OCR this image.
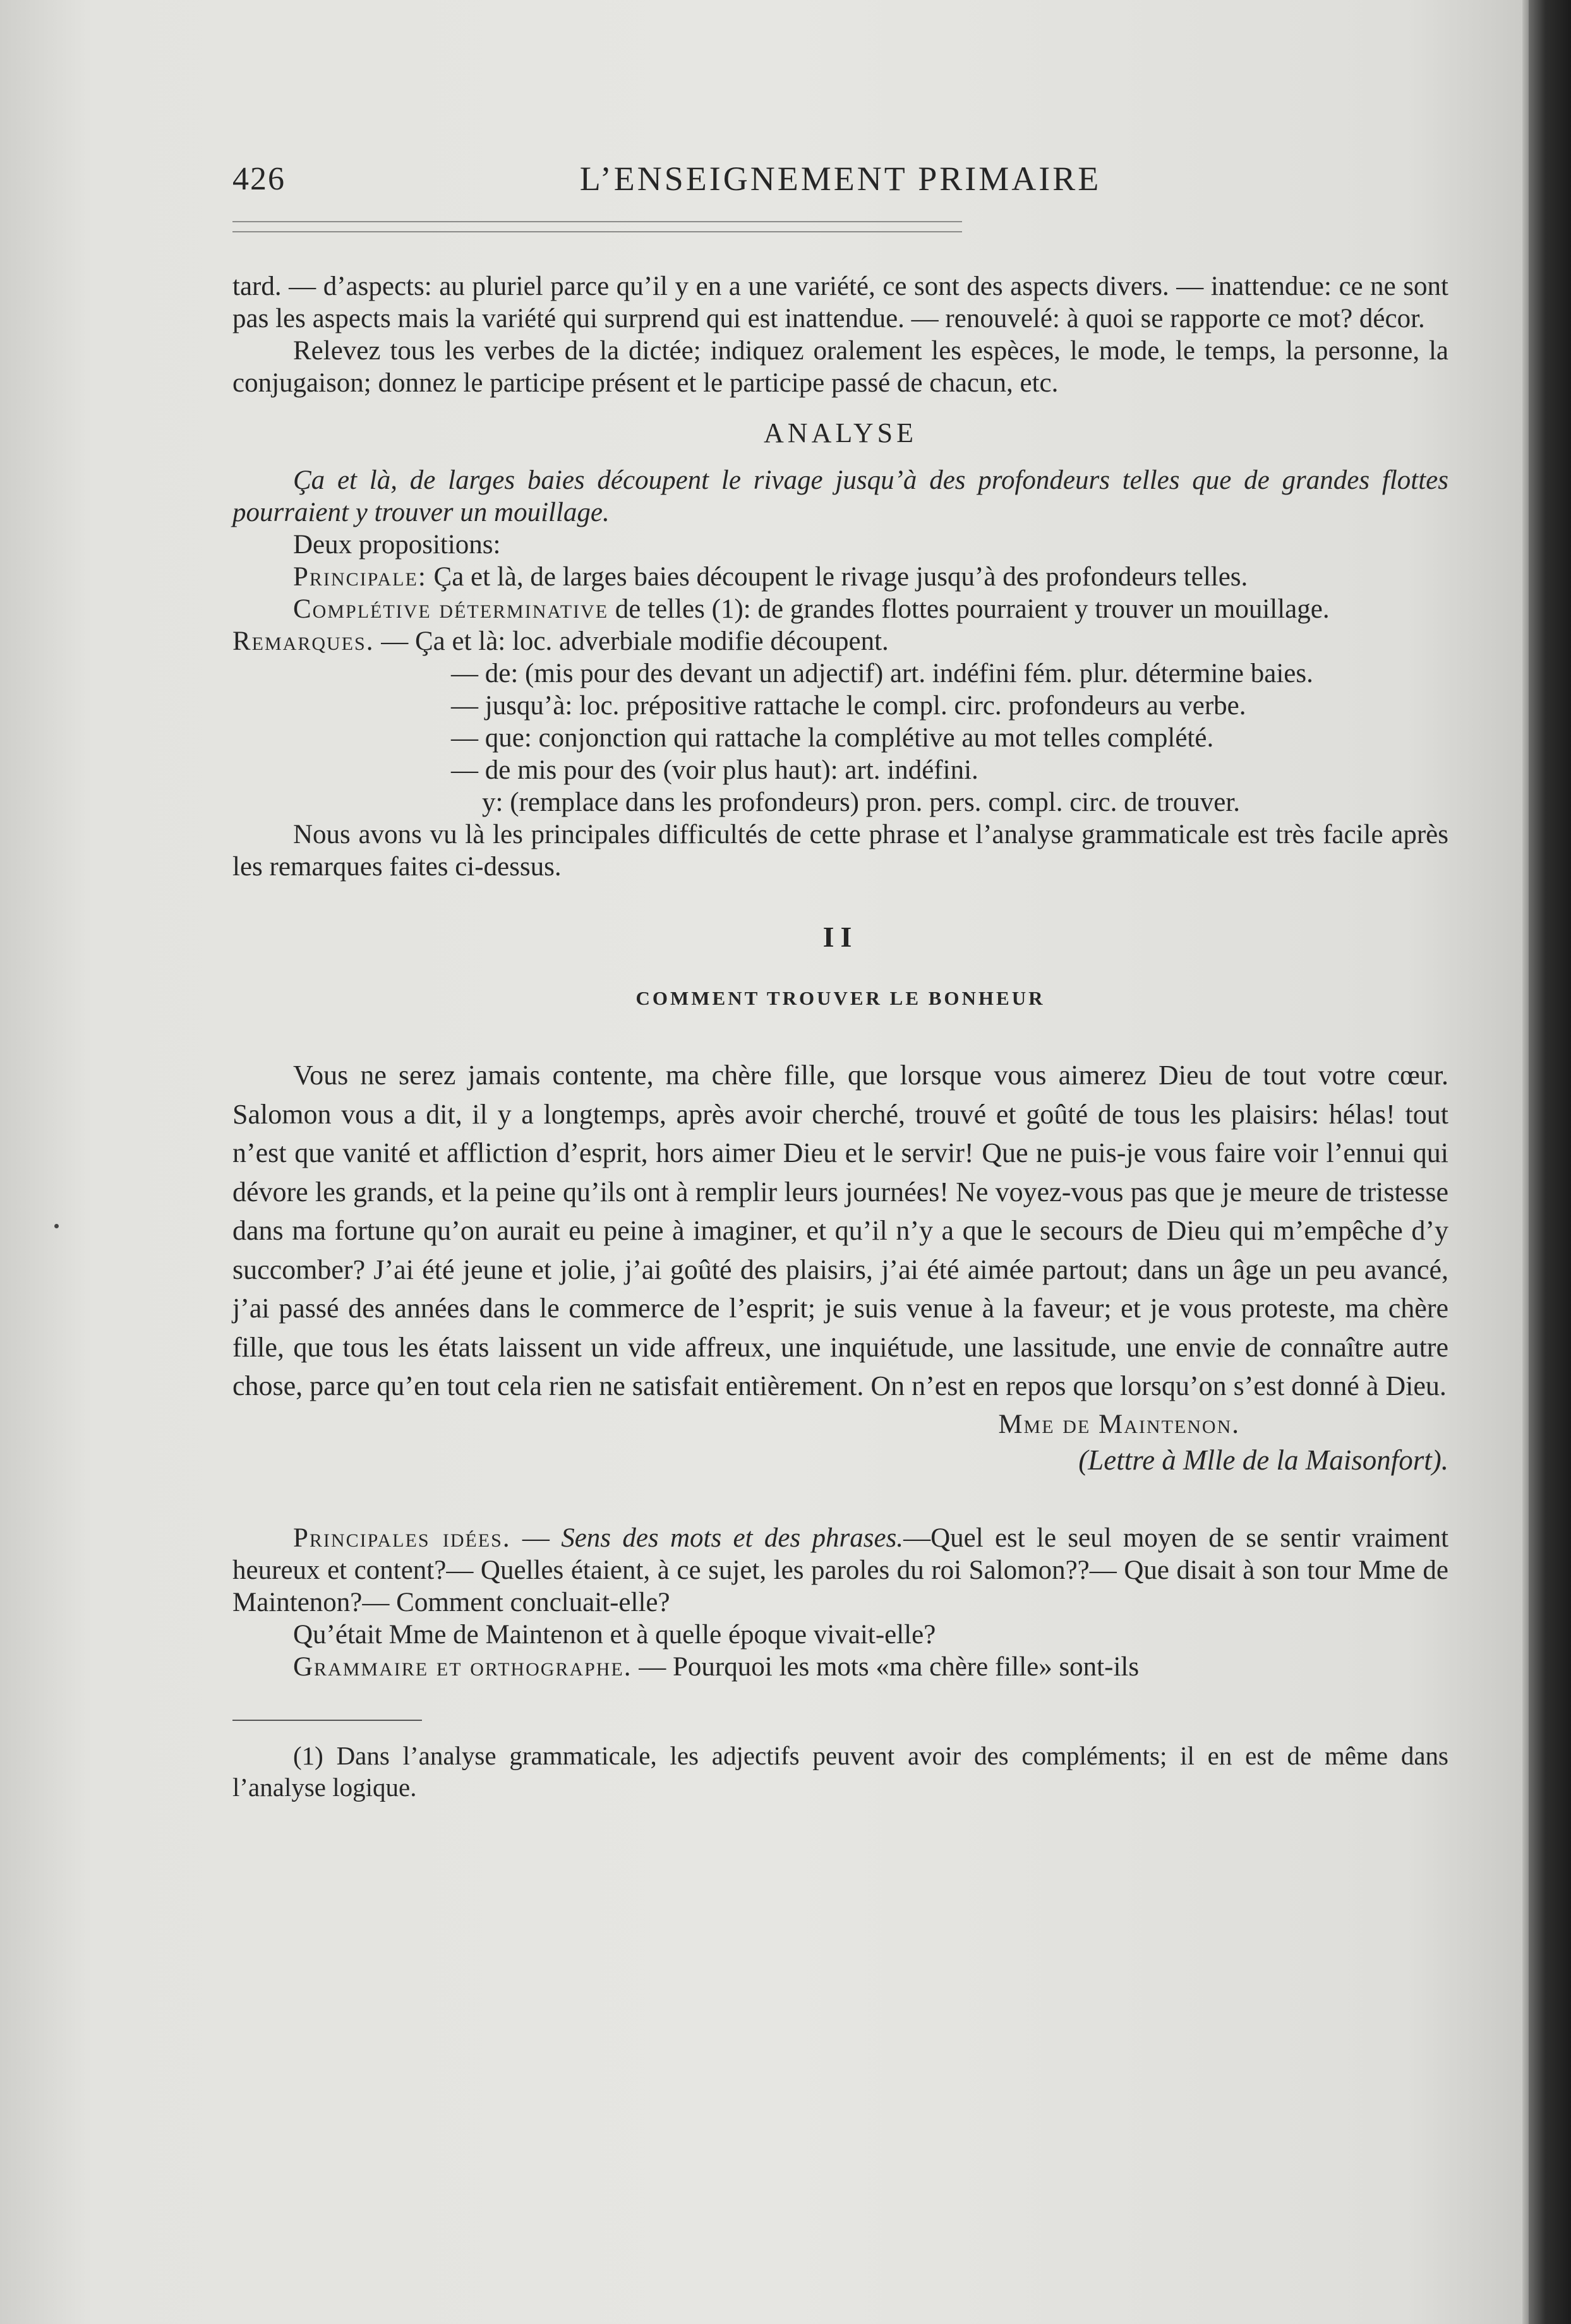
426	L’ENSEIGNEMENT PRIMAIRE

tard. — d’aspects: au pluriel parce qu’il y en a une variété, ce sont des aspects divers. — inattendue: ce ne sont pas les aspects mais la variété qui surprend qui est inattendue. — renouvelé: à quoi se rapporte ce mot? décor.

Relevez tous les verbes de la dictée; indiquez oralement les espèces, le mode, le temps, la personne, la conjugaison; donnez le participe présent et le participe passé de chacun, etc.

ANALYSE

Ça et là, de larges baies découpent le rivage jusqu’à des profondeurs telles que de grandes flottes pourraient y trouver un mouillage.

Deux propositions:

Principale: Ça et là, de larges baies découpent le rivage jusqu’à des profondeurs telles.

Complétive déterminative de telles (1): de grandes flottes pourraient y trouver un mouillage.

Remarques. — Ça et là: loc. adverbiale modifie découpent.

— de: (mis pour des devant un adjectif) art. indéfini fém. plur. détermine baies.

— jusqu’à: loc. prépositive rattache le compl. circ. profondeurs au verbe.

— que: conjonction qui rattache la complétive au mot telles complété.

— de mis pour des (voir plus haut): art. indéfini.

y: (remplace dans les profondeurs) pron. pers. compl. circ. de trouver.

Nous avons vu là les principales difficultés de cette phrase et l’analyse grammaticale est très facile après les remarques faites ci-dessus.

II
COMMENT TROUVER LE BONHEUR

Vous ne serez jamais contente, ma chère fille, que lorsque vous aimerez Dieu de tout votre cœur. Salomon vous a dit, il y a longtemps, après avoir cherché, trouvé et goûté de tous les plaisirs: hélas! tout n’est que vanité et affliction d’esprit, hors aimer Dieu et le servir! Que ne puis-je vous faire voir l’ennui qui dévore les grands, et la peine qu’ils ont à remplir leurs journées! Ne voyez-vous pas que je meure de tristesse dans ma fortune qu’on aurait eu peine à imaginer, et qu’il n’y a que le secours de Dieu qui m’empêche d’y succomber? J’ai été jeune et jolie, j’ai goûté des plaisirs, j’ai été aimée partout; dans un âge un peu avancé, j’ai passé des années dans le commerce de l’esprit; je suis venue à la faveur; et je vous proteste, ma chère fille, que tous les états laissent un vide affreux, une inquiétude, une lassitude, une envie de connaître autre chose, parce qu’en tout cela rien ne satisfait entièrement. On n’est en repos que lorsqu’on s’est donné à Dieu.

Mme de Maintenon.
(Lettre à Mlle de la Maisonfort).

Principales idées. — Sens des mots et des phrases.—Quel est le seul moyen de se sentir vraiment heureux et content?— Quelles étaient, à ce sujet, les paroles du roi Salomon??— Que disait à son tour Mme de Maintenon?— Comment concluait-elle?

Qu’était Mme de Maintenon et à quelle époque vivait-elle?

Grammaire et orthographe. — Pourquoi les mots «ma chère fille» sont-ils

(1) Dans l’analyse grammaticale, les adjectifs peuvent avoir des compléments; il en est de même dans l’analyse logique.
